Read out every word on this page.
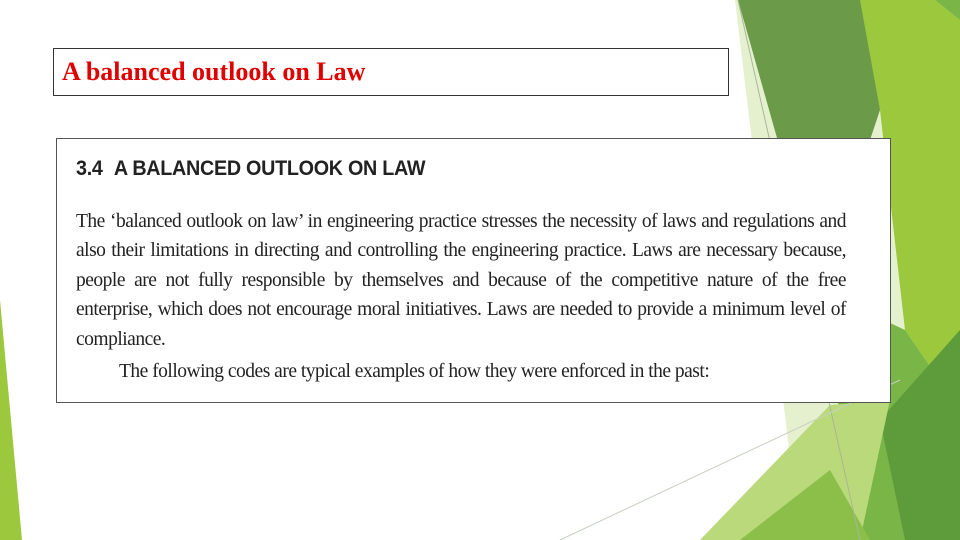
A balanced outlook on Law
3.4 A BALANCED OUTLOOK ON LAW
The ‘balanced outlook on law’ in engineering practice stresses the necessity of laws and regulations and also their limitations in directing and controlling the engineering practice. Laws are necessary because, people are not fully responsible by themselves and because of the competitive nature of the free enterprise, which does not encourage moral initiatives. Laws are needed to provide a minimum level of compliance.
The following codes are typical examples of how they were enforced in the past:
